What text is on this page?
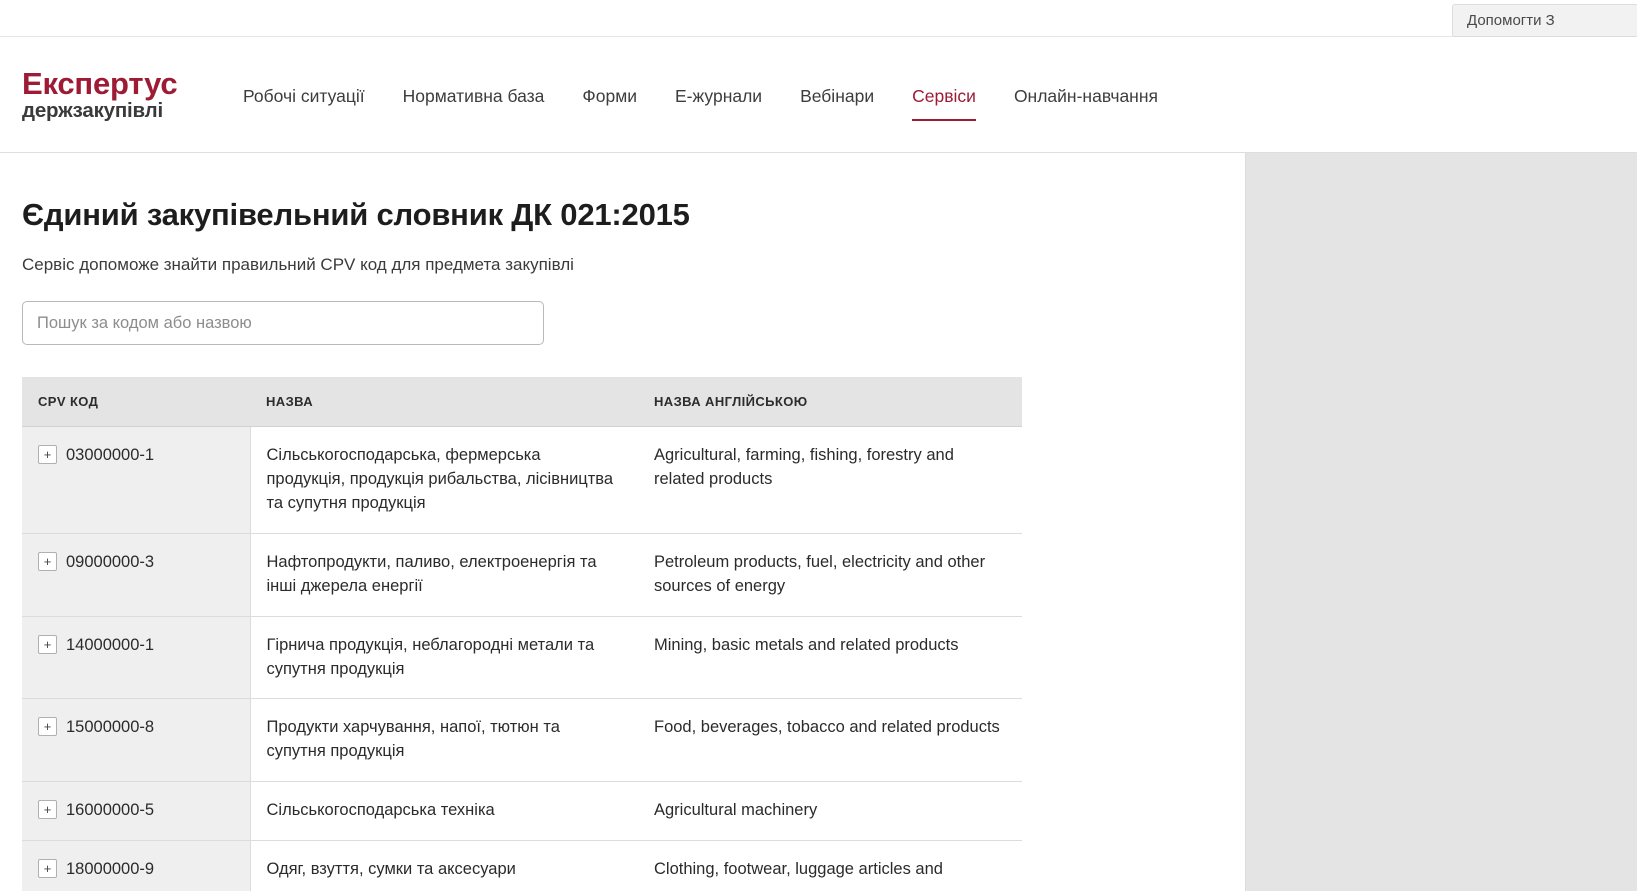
Допомогти З
Експертус
держзакупівлі
Робочі ситуації	Нормативна база	Форми	Е-журнали	Вебінари	Сервіси	Онлайн-навчання
Єдиний закупівельний словник ДК 021:2015

Сервіс допоможе знайти правильний CPV код для предмета закупівлі

Пошук за кодом або назвою
CPV КОД	НАЗВА	НАЗВА АНГЛІЙСЬКОЮ
+ 03000000-1	Сільськогосподарська, фермерська продукція, продукція рибальства, лісівництва та супутня продукція	Agricultural, farming, fishing, forestry and related products
+ 09000000-3	Нафтопродукти, паливо, електроенергія та інші джерела енергії	Petroleum products, fuel, electricity and other sources of energy
+ 14000000-1	Гірнича продукція, неблагородні метали та супутня продукція	Mining, basic metals and related products
+ 15000000-8	Продукти харчування, напої, тютюн та супутня продукція	Food, beverages, tobacco and related products
+ 16000000-5	Сільськогосподарська техніка	Agricultural machinery
+ 18000000-9	Одяг, взуття, сумки та аксесуари	Clothing, footwear, luggage articles and
